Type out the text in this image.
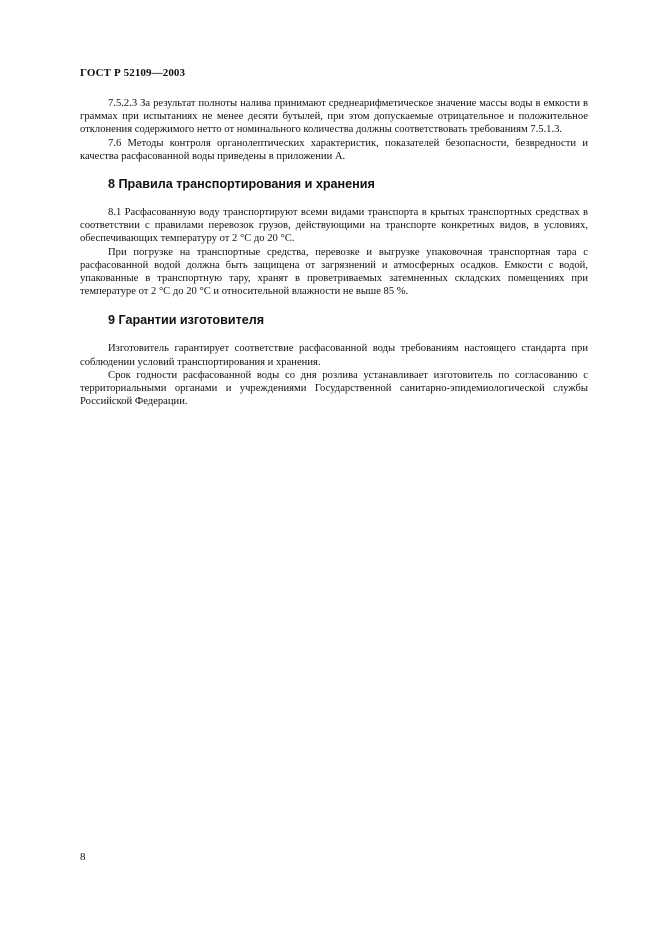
ГОСТ Р 52109—2003

7.5.2.3 За результат полноты налива принимают среднеарифметическое значение массы воды в емкости в граммах при испытаниях не менее десяти бутылей, при этом допускаемые отрицательное и положительное отклонения содержимого нетто от номинального количества должны соответствовать требованиям 7.5.1.3.

7.6 Методы контроля органолептических характеристик, показателей безопасности, безвредности и качества расфасованной воды приведены в приложении А.

8 Правила транспортирования и хранения

8.1 Расфасованную воду транспортируют всеми видами транспорта в крытых транспортных средствах в соответствии с правилами перевозок грузов, действующими на транспорте конкретных видов, в условиях, обеспечивающих температуру от 2 °С до 20 °С.

При погрузке на транспортные средства, перевозке и выгрузке упаковочная транспортная тара с расфасованной водой должна быть защищена от загрязнений и атмосферных осадков. Емкости с водой, упакованные в транспортную тару, хранят в проветриваемых затемненных складских помещениях при температуре от 2 °С до 20 °С и относительной влажности не выше 85 %.

9 Гарантии изготовителя

Изготовитель гарантирует соответствие расфасованной воды требованиям настоящего стандарта при соблюдении условий транспортирования и хранения.

Срок годности расфасованной воды со дня розлива устанавливает изготовитель по согласованию с территориальными органами и учреждениями Государственной санитарно-эпидемиологической службы Российской Федерации.

8
